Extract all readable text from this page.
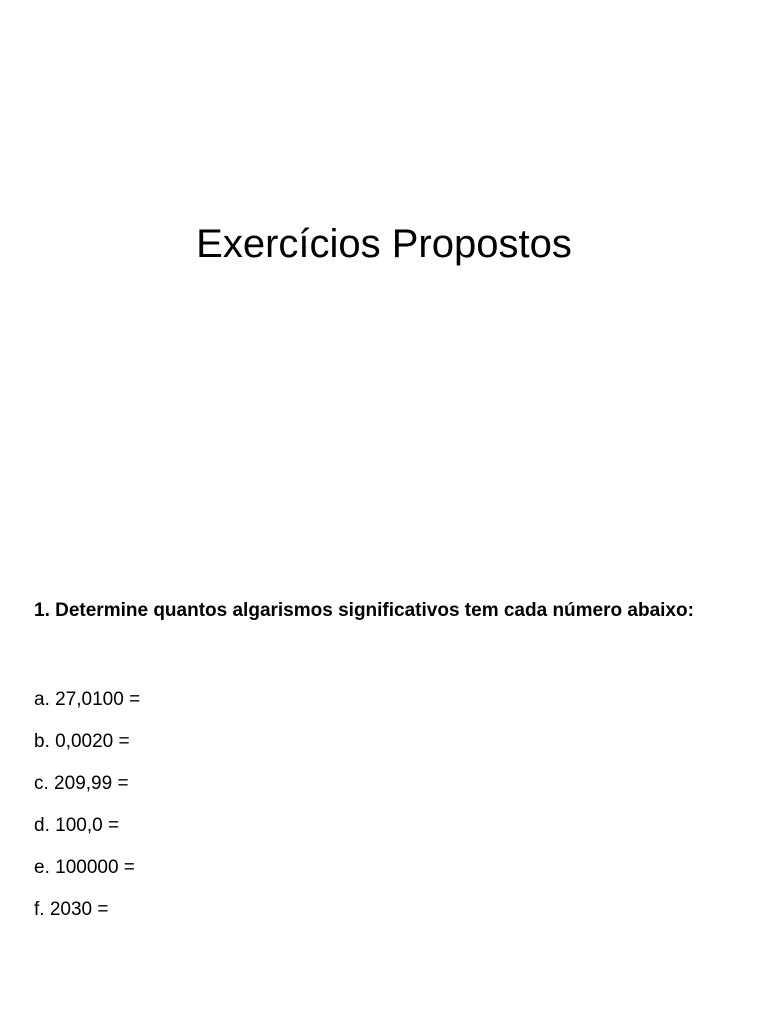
Exercícios Propostos

1. Determine quantos algarismos significativos tem cada número abaixo:

a. 27,0100 =
b. 0,0020 =
c. 209,99 =
d. 100,0 =
e. 100000 =
f. 2030 =
